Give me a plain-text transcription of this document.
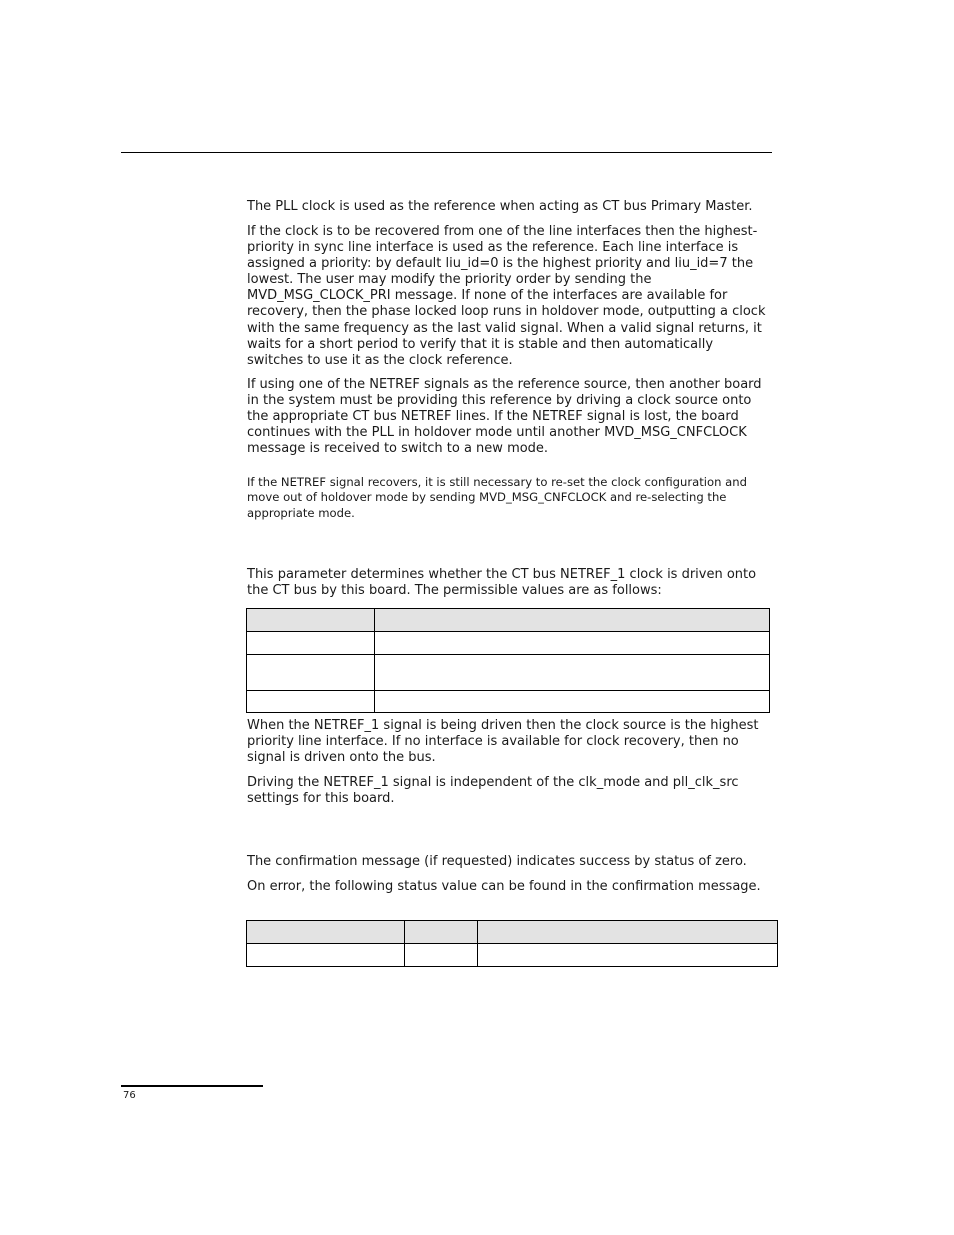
The PLL clock is used as the reference when acting as CT bus Primary Master.

If the clock is to be recovered from one of the line interfaces then the highest-priority in sync line interface is used as the reference. Each line interface is assigned a priority: by default liu_id=0 is the highest priority and liu_id=7 the lowest. The user may modify the priority order by sending the MVD_MSG_CLOCK_PRI message. If none of the interfaces are available for recovery, then the phase locked loop runs in holdover mode, outputting a clock with the same frequency as the last valid signal. When a valid signal returns, it waits for a short period to verify that it is stable and then automatically switches to use it as the clock reference.

If using one of the NETREF signals as the reference source, then another board in the system must be providing this reference by driving a clock source onto the appropriate CT bus NETREF lines. If the NETREF signal is lost, the board continues with the PLL in holdover mode until another MVD_MSG_CNFCLOCK message is received to switch to a new mode.

If the NETREF signal recovers, it is still necessary to re-set the clock configuration and move out of holdover mode by sending MVD_MSG_CNFCLOCK and re-selecting the appropriate mode.

This parameter determines whether the CT bus NETREF_1 clock is driven onto the CT bus by this board. The permissible values are as follows:

When the NETREF_1 signal is being driven then the clock source is the highest priority line interface. If no interface is available for clock recovery, then no signal is driven onto the bus.

Driving the NETREF_1 signal is independent of the clk_mode and pll_clk_src settings for this board.

The confirmation message (if requested) indicates success by status of zero.

On error, the following status value can be found in the confirmation message.

76
